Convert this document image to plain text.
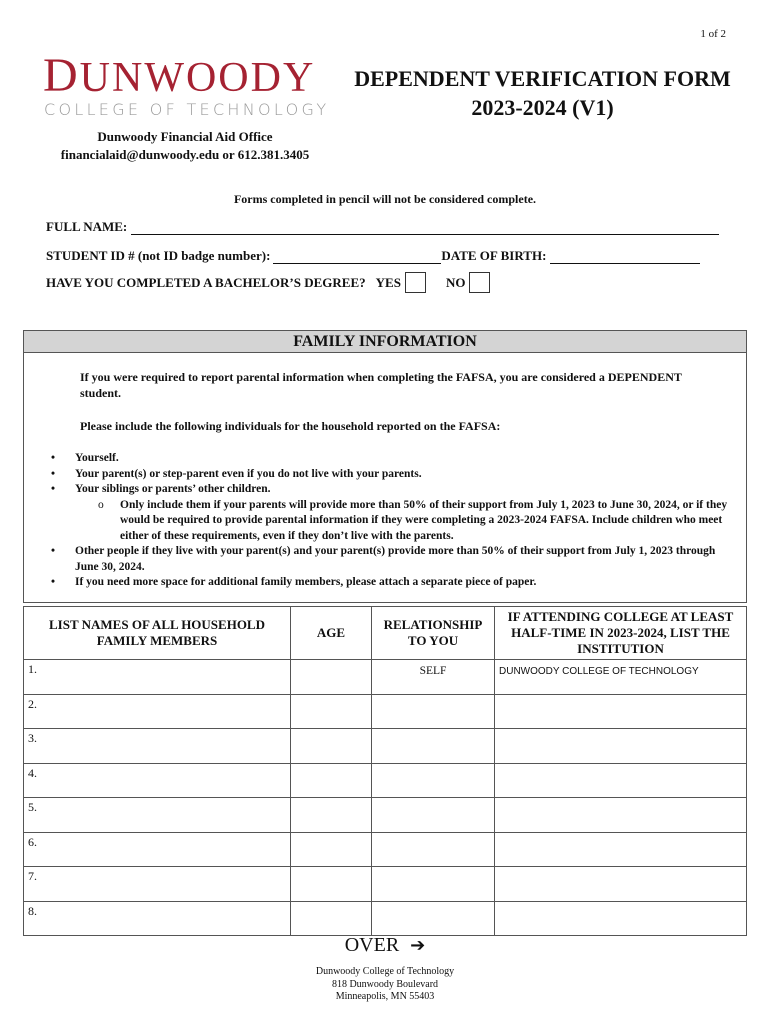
1 of 2
DUNWOODY
COLLEGE OF TECHNOLOGY
Dunwoody Financial Aid Office
financialaid@dunwoody.edu or 612.381.3405
DEPENDENT VERIFICATION FORM
2023-2024 (V1)
Forms completed in pencil will not be considered complete.
FULL NAME:
STUDENT ID # (not ID badge number):	DATE OF BIRTH:
HAVE YOU COMPLETED A BACHELOR’S DEGREE? YES	NO
FAMILY INFORMATION
If you were required to report parental information when completing the FAFSA, you are considered a DEPENDENT student.
Please include the following individuals for the household reported on the FAFSA:
• Yourself.
• Your parent(s) or step-parent even if you do not live with your parents.
• Your siblings or parents’ other children.
o Only include them if your parents will provide more than 50% of their support from July 1, 2023 to June 30, 2024, or if they would be required to provide parental information if they were completing a 2023-2024 FAFSA. Include children who meet either of these requirements, even if they don’t live with the parents.
• Other people if they live with your parent(s) and your parent(s) provide more than 50% of their support from July 1, 2023 through June 30, 2024.
• If you need more space for additional family members, please attach a separate piece of paper.
LIST NAMES OF ALL HOUSEHOLD FAMILY MEMBERS	AGE	RELATIONSHIP TO YOU	IF ATTENDING COLLEGE AT LEAST HALF-TIME IN 2023-2024, LIST THE INSTITUTION
1.		SELF	DUNWOODY COLLEGE OF TECHNOLOGY
2.			
3.			
4.			
5.			
6.			
7.			
8.			
OVER ➔
Dunwoody College of Technology
818 Dunwoody Boulevard
Minneapolis, MN 55403
